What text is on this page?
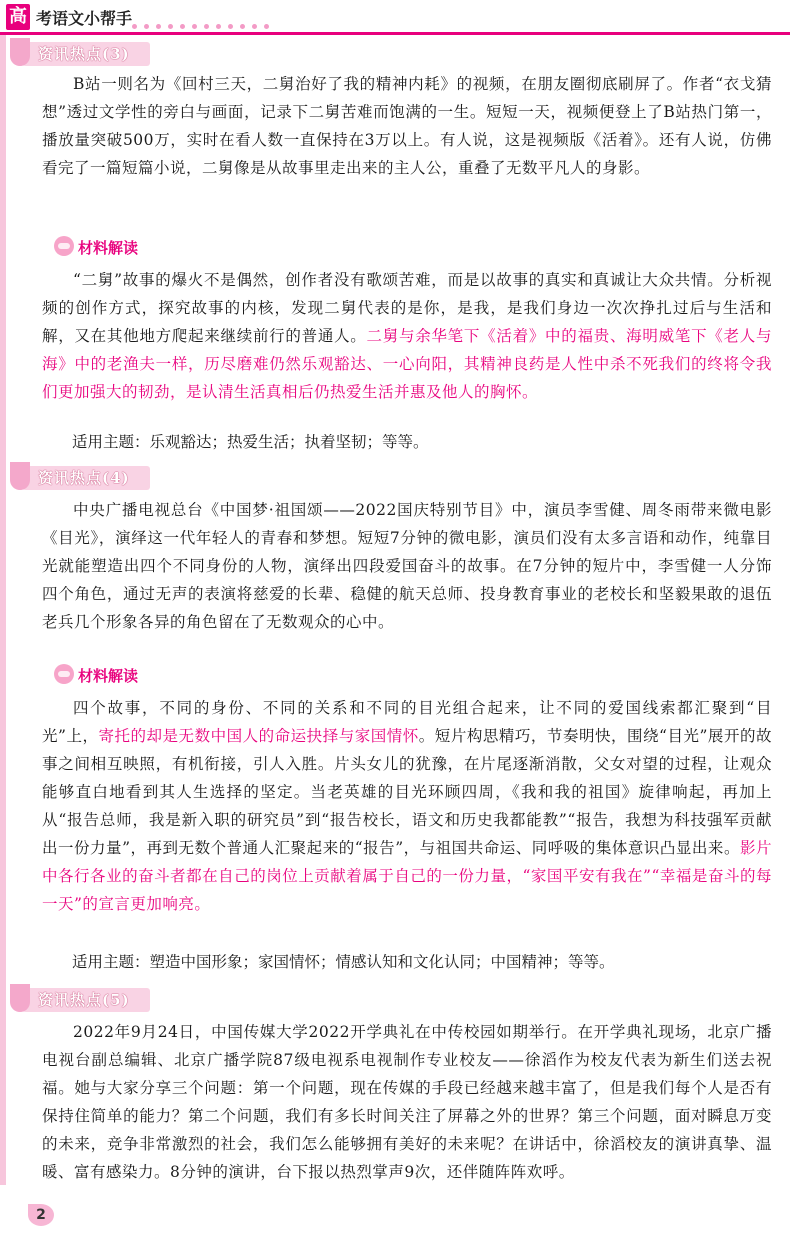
高 考语文小帮手
资讯热点(3)

B站一则名为《回村三天，二舅治好了我的精神内耗》的视频，在朋友圈彻底刷屏了。作者“衣戈猜想”透过文学性的旁白与画面，记录下二舅苦难而饱满的一生。短短一天，视频便登上了B站热门第一，播放量突破500万，实时在看人数一直保持在3万以上。有人说，这是视频版《活着》。还有人说，仿佛看完了一篇短篇小说，二舅像是从故事里走出来的主人公，重叠了无数平凡人的身影。

材料解读

“二舅”故事的爆火不是偶然，创作者没有歌颂苦难，而是以故事的真实和真诚让大众共情。分析视频的创作方式，探究故事的内核，发现二舅代表的是你，是我，是我们身边一次次挣扎过后与生活和解，又在其他地方爬起来继续前行的普通人。二舅与余华笔下《活着》中的福贵、海明威笔下《老人与海》中的老渔夫一样，历尽磨难仍然乐观豁达、一心向阳，其精神良药是人性中杀不死我们的终将令我们更加强大的韧劲，是认清生活真相后仍热爱生活并惠及他人的胸怀。

适用主题：乐观豁达；热爱生活；执着坚韧；等等。
资讯热点(4)

中央广播电视总台《中国梦·祖国颂——2022国庆特别节目》中，演员李雪健、周冬雨带来微电影《目光》，演绎这一代年轻人的青春和梦想。短短7分钟的微电影，演员们没有太多言语和动作，纯靠目光就能塑造出四个不同身份的人物，演绎出四段爱国奋斗的故事。在7分钟的短片中，李雪健一人分饰四个角色，通过无声的表演将慈爱的长辈、稳健的航天总师、投身教育事业的老校长和坚毅果敢的退伍老兵几个形象各异的角色留在了无数观众的心中。

材料解读

四个故事，不同的身份、不同的关系和不同的目光组合起来，让不同的爱国线索都汇聚到“目光”上，寄托的却是无数中国人的命运抉择与家国情怀。短片构思精巧，节奏明快，围绕“目光”展开的故事之间相互映照，有机衔接，引人入胜。片头女儿的犹豫，在片尾逐渐消散，父女对望的过程，让观众能够直白地看到其人生选择的坚定。当老英雄的目光环顾四周，《我和我的祖国》旋律响起，再加上从“报告总师，我是新入职的研究员”到“报告校长，语文和历史我都能教”“报告，我想为科技强军贡献出一份力量”，再到无数个普通人汇聚起来的“报告”，与祖国共命运、同呼吸的集体意识凸显出来。影片中各行各业的奋斗者都在自己的岗位上贡献着属于自己的一份力量，“家国平安有我在”“幸福是奋斗的每一天”的宣言更加响亮。

适用主题：塑造中国形象；家国情怀；情感认知和文化认同；中国精神；等等。
资讯热点(5)

2022年9月24日，中国传媒大学2022开学典礼在中传校园如期举行。在开学典礼现场，北京广播电视台副总编辑、北京广播学院87级电视系电视制作专业校友——徐滔作为校友代表为新生们送去祝福。她与大家分享三个问题：第一个问题，现在传媒的手段已经越来越丰富了，但是我们每个人是否有保持住简单的能力？第二个问题，我们有多长时间关注了屏幕之外的世界？第三个问题，面对瞬息万变的未来，竞争非常激烈的社会，我们怎么能够拥有美好的未来呢？在讲话中，徐滔校友的演讲真挚、温暖、富有感染力。8分钟的演讲，台下报以热烈掌声9次，还伴随阵阵欢呼。

2
